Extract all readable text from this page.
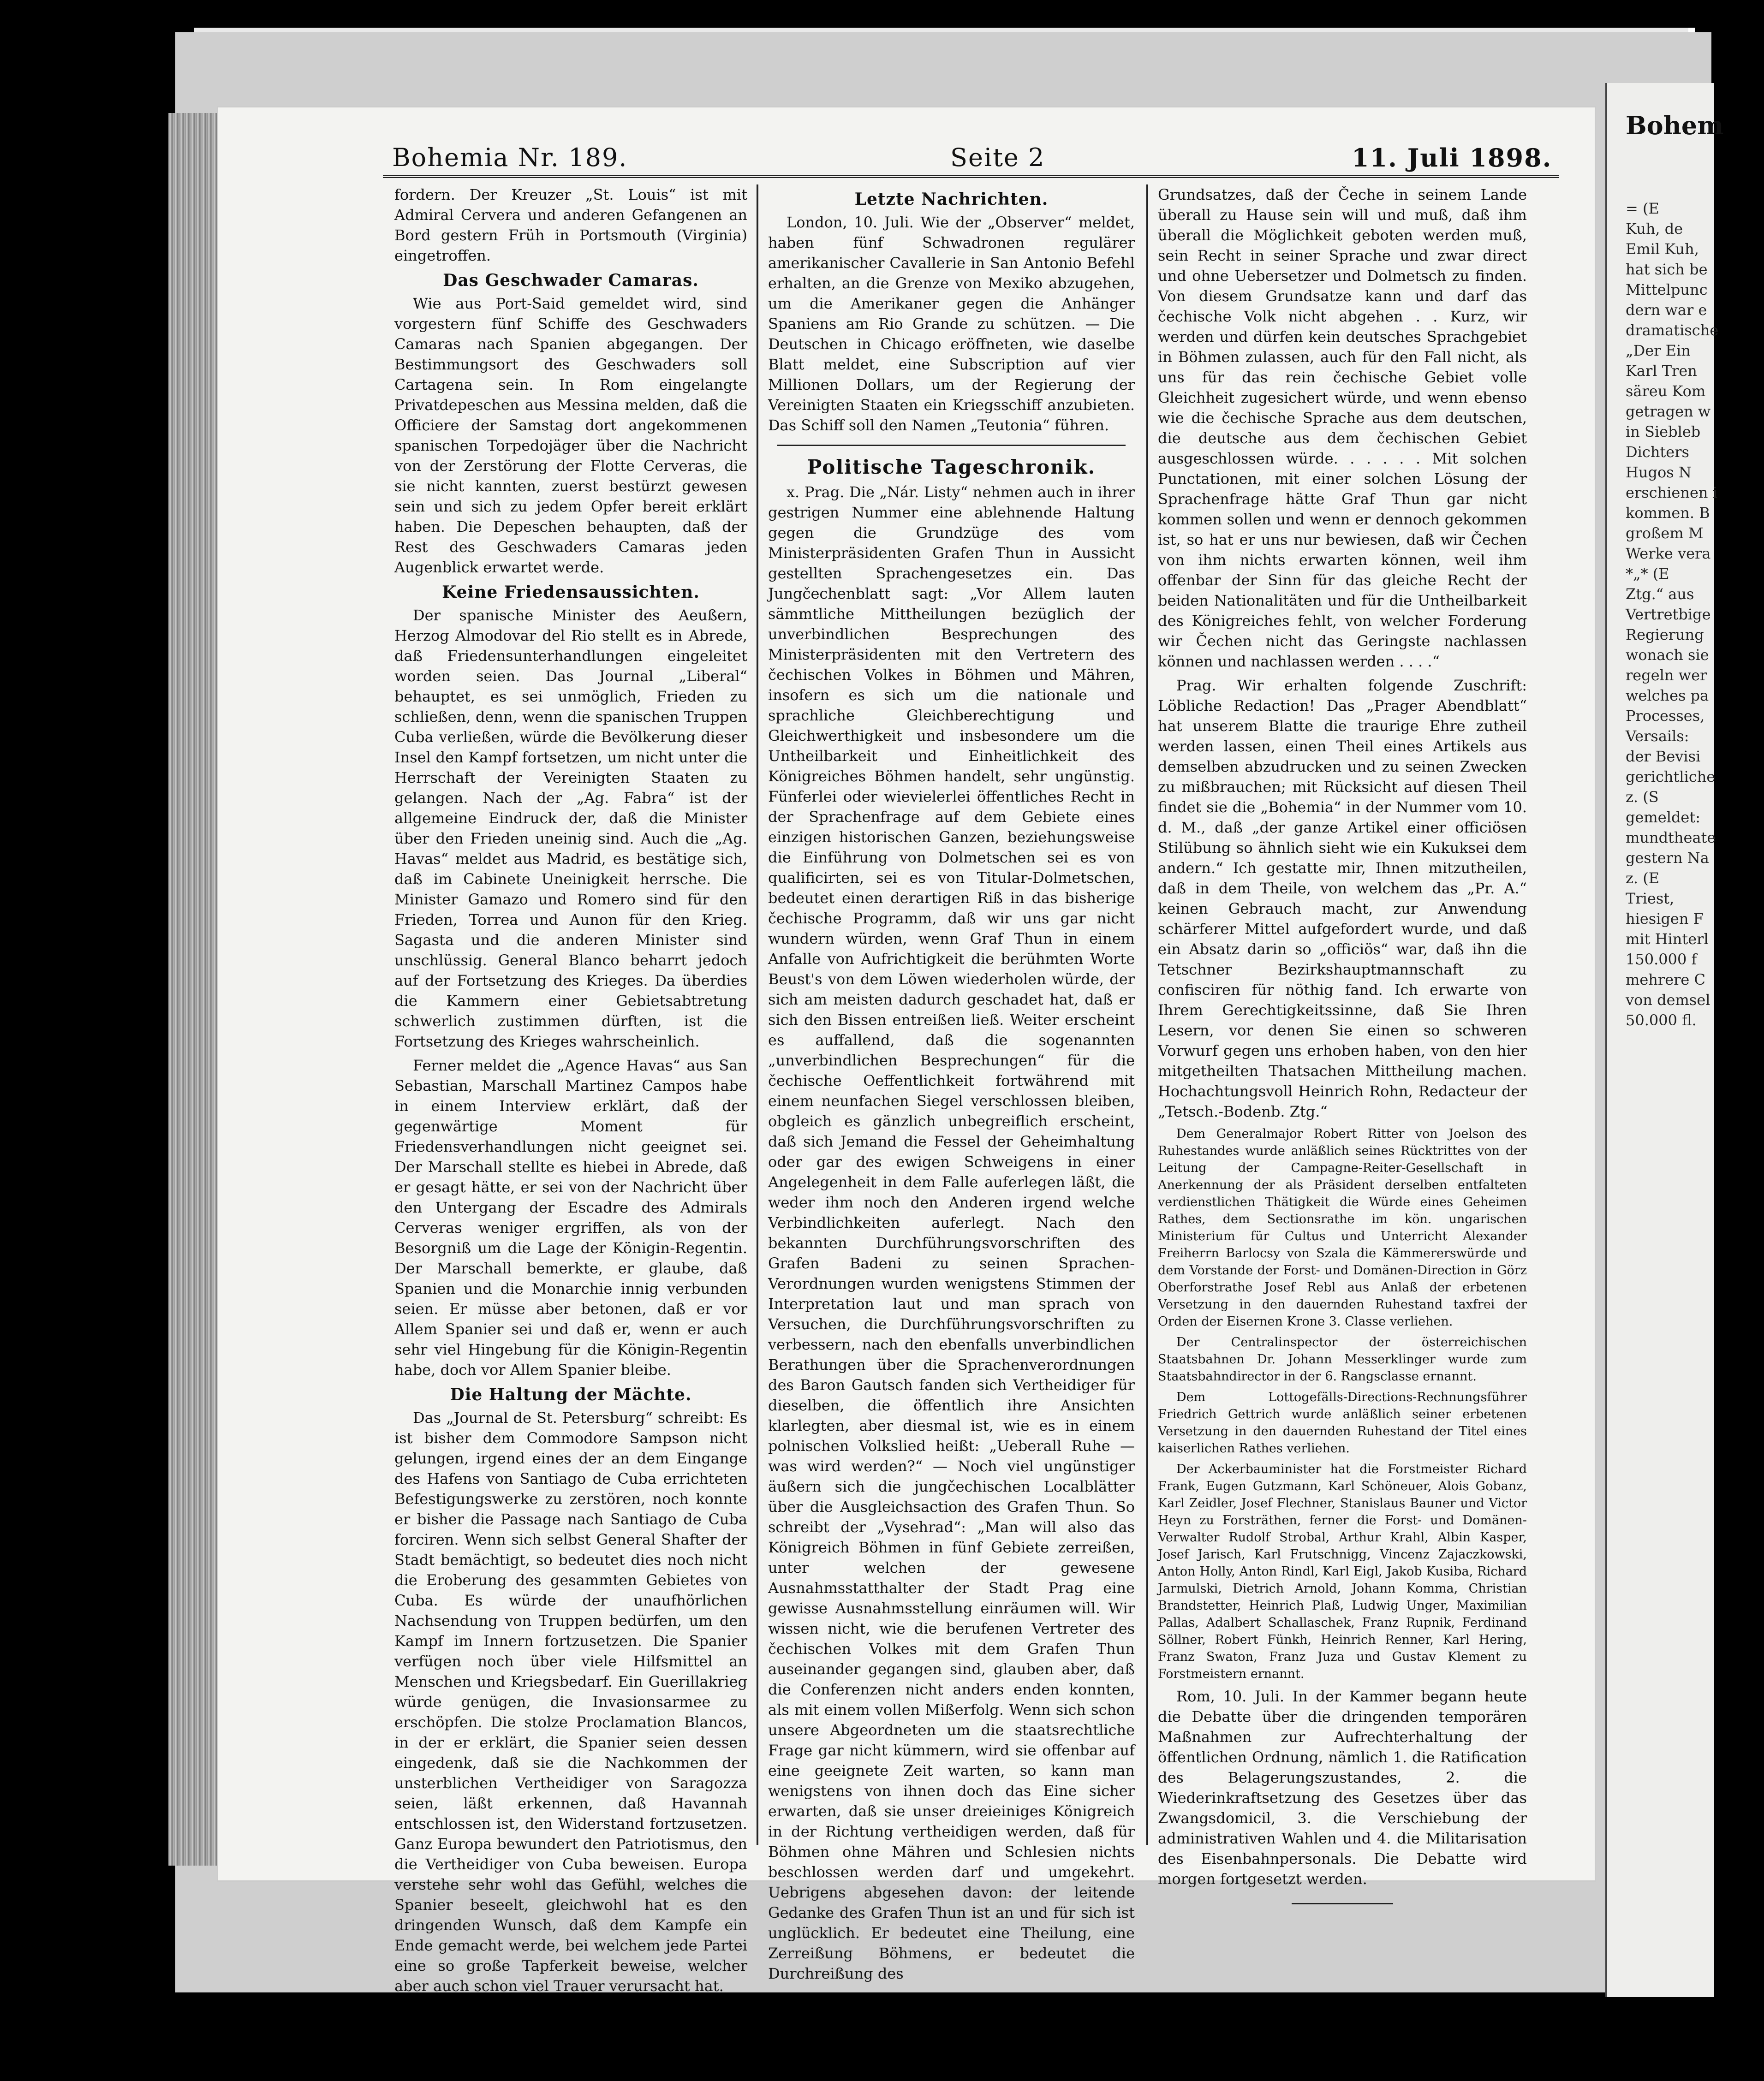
Bohem
= (E
Kuh, de
Emil Kuh,
hat sich be
Mittelpunc
dern war e
dramatische
„Der Ein
Karl Tren
säreu Kom
getragen w
in Siebleb
Dichters
Hugos N
erschienen i
kommen. B
großem M
Werke vera
*„* (E
Ztg.“ aus
Vertretbige
Regierung
wonach sie
regeln wer
welches pa
Processes,
Versails:
der Bevisi
gerichtliche
z. (S
gemeldet:
mundtheate
gestern Na
z. (E
Triest,
hiesigen F
mit Hinterl
150.000 f
mehrere C
von demsel
50.000 fl.
Bohemia Nr. 189.	Seite 2	11. Juli 1898.

fordern. Der Kreuzer „St. Louis“ ist mit Admiral Cervera und anderen Gefangenen an Bord gestern Früh in Portsmouth (Virginia) eingetroffen.

Das Geschwader Camaras.

Wie aus Port-Said gemeldet wird, sind vorgestern fünf Schiffe des Geschwaders Camaras nach Spanien abgegangen. Der Bestimmungsort des Geschwaders soll Cartagena sein. In Rom eingelangte Privatdepeschen aus Messina melden, daß die Officiere der Samstag dort angekommenen spanischen Torpedojäger über die Nachricht von der Zerstörung der Flotte Cerveras, die sie nicht kannten, zuerst bestürzt gewesen sein und sich zu jedem Opfer bereit erklärt haben. Die Depeschen behaupten, daß der Rest des Geschwaders Camaras jeden Augenblick erwartet werde.

Keine Friedensaussichten.

Der spanische Minister des Aeußern, Herzog Almodovar del Rio stellt es in Abrede, daß Friedensunterhandlungen eingeleitet worden seien. Das Journal „Liberal“ behauptet, es sei unmöglich, Frieden zu schließen, denn, wenn die spanischen Truppen Cuba verließen, würde die Bevölkerung dieser Insel den Kampf fortsetzen, um nicht unter die Herrschaft der Vereinigten Staaten zu gelangen. Nach der „Ag. Fabra“ ist der allgemeine Eindruck der, daß die Minister über den Frieden uneinig sind. Auch die „Ag. Havas“ meldet aus Madrid, es bestätige sich, daß im Cabinete Uneinigkeit herrsche. Die Minister Gamazo und Romero sind für den Frieden, Torrea und Aunon für den Krieg. Sagasta und die anderen Minister sind unschlüssig. General Blanco beharrt jedoch auf der Fortsetzung des Krieges. Da überdies die Kammern einer Gebietsabtretung schwerlich zustimmen dürften, ist die Fortsetzung des Krieges wahrscheinlich.

Ferner meldet die „Agence Havas“ aus San Sebastian, Marschall Martinez Campos habe in einem Interview erklärt, daß der gegenwärtige Moment für Friedensverhandlungen nicht geeignet sei. Der Marschall stellte es hiebei in Abrede, daß er gesagt hätte, er sei von der Nachricht über den Untergang der Escadre des Admirals Cerveras weniger ergriffen, als von der Besorgniß um die Lage der Königin-Regentin. Der Marschall bemerkte, er glaube, daß Spanien und die Monarchie innig verbunden seien. Er müsse aber betonen, daß er vor Allem Spanier sei und daß er, wenn er auch sehr viel Hingebung für die Königin-Regentin habe, doch vor Allem Spanier bleibe.

Die Haltung der Mächte.

Das „Journal de St. Petersburg“ schreibt: Es ist bisher dem Commodore Sampson nicht gelungen, irgend eines der an dem Eingange des Hafens von Santiago de Cuba errichteten Befestigungswerke zu zerstören, noch konnte er bisher die Passage nach Santiago de Cuba forciren. Wenn sich selbst General Shafter der Stadt bemächtigt, so bedeutet dies noch nicht die Eroberung des gesammten Gebietes von Cuba. Es würde der unaufhörlichen Nachsendung von Truppen bedürfen, um den Kampf im Innern fortzusetzen. Die Spanier verfügen noch über viele Hilfsmittel an Menschen und Kriegsbedarf. Ein Guerillakrieg würde genügen, die Invasionsarmee zu erschöpfen. Die stolze Proclamation Blancos, in der er erklärt, die Spanier seien dessen eingedenk, daß sie die Nachkommen der unsterblichen Vertheidiger von Saragozza seien, läßt erkennen, daß Havannah entschlossen ist, den Widerstand fortzusetzen. Ganz Europa bewundert den Patriotismus, den die Vertheidiger von Cuba beweisen. Europa verstehe sehr wohl das Gefühl, welches die Spanier beseelt, gleichwohl hat es den dringenden Wunsch, daß dem Kampfe ein Ende gemacht werde, bei welchem jede Partei eine so große Tapferkeit beweise, welcher aber auch schon viel Trauer verursacht hat.

Letzte Nachrichten.

London, 10. Juli. Wie der „Observer“ meldet, haben fünf Schwadronen regulärer amerikanischer Cavallerie in San Antonio Befehl erhalten, an die Grenze von Mexiko abzugehen, um die Amerikaner gegen die Anhänger Spaniens am Rio Grande zu schützen. — Die Deutschen in Chicago eröffneten, wie daselbe Blatt meldet, eine Subscription auf vier Millionen Dollars, um der Regierung der Vereinigten Staaten ein Kriegsschiff anzubieten. Das Schiff soll den Namen „Teutonia“ führen.

Politische Tageschronik.

x. Prag. Die „Nár. Listy“ nehmen auch in ihrer gestrigen Nummer eine ablehnende Haltung gegen die Grundzüge des vom Ministerpräsidenten Grafen Thun in Aussicht gestellten Sprachengesetzes ein. Das Jungčechenblatt sagt: „Vor Allem lauten sämmtliche Mittheilungen bezüglich der unverbindlichen Besprechungen des Ministerpräsidenten mit den Vertretern des čechischen Volkes in Böhmen und Mähren, insofern es sich um die nationale und sprachliche Gleichberechtigung und Gleichwerthigkeit und insbesondere um die Untheilbarkeit und Einheitlichkeit des Königreiches Böhmen handelt, sehr ungünstig. Fünferlei oder wievielerlei öffentliches Recht in der Sprachenfrage auf dem Gebiete eines einzigen historischen Ganzen, beziehungsweise die Einführung von Dolmetschen sei es von qualificirten, sei es von Titular-Dolmetschen, bedeutet einen derartigen Riß in das bisherige čechische Programm, daß wir uns gar nicht wundern würden, wenn Graf Thun in einem Anfalle von Aufrichtigkeit die berühmten Worte Beust's von dem Löwen wiederholen würde, der sich am meisten dadurch geschadet hat, daß er sich den Bissen entreißen ließ. Weiter erscheint es auffallend, daß die sogenannten „unverbindlichen Besprechungen“ für die čechische Oeffentlichkeit fortwährend mit einem neunfachen Siegel verschlossen bleiben, obgleich es gänzlich unbegreiflich erscheint, daß sich Jemand die Fessel der Geheimhaltung oder gar des ewigen Schweigens in einer Angelegenheit in dem Falle auferlegen läßt, die weder ihm noch den Anderen irgend welche Verbindlichkeiten auferlegt. Nach den bekannten Durchführungsvorschriften des Grafen Badeni zu seinen Sprachen-Verordnungen wurden wenigstens Stimmen der Interpretation laut und man sprach von Versuchen, die Durchführungsvorschriften zu verbessern, nach den ebenfalls unverbindlichen Berathungen über die Sprachenverordnungen des Baron Gautsch fanden sich Vertheidiger für dieselben, die öffentlich ihre Ansichten klarlegten, aber diesmal ist, wie es in einem polnischen Volkslied heißt: „Ueberall Ruhe — was wird werden?“ — Noch viel ungünstiger äußern sich die jungčechischen Localblätter über die Ausgleichsaction des Grafen Thun. So schreibt der „Vysehrad“: „Man will also das Königreich Böhmen in fünf Gebiete zerreißen, unter welchen der gewesene Ausnahmsstatthalter der Stadt Prag eine gewisse Ausnahmsstellung einräumen will. Wir wissen nicht, wie die berufenen Vertreter des čechischen Volkes mit dem Grafen Thun auseinander gegangen sind, glauben aber, daß die Conferenzen nicht anders enden konnten, als mit einem vollen Mißerfolg. Wenn sich schon unsere Abgeordneten um die staatsrechtliche Frage gar nicht kümmern, wird sie offenbar auf eine geeignete Zeit warten, so kann man wenigstens von ihnen doch das Eine sicher erwarten, daß sie unser dreieiniges Königreich in der Richtung vertheidigen werden, daß für Böhmen ohne Mähren und Schlesien nichts beschlossen werden darf und umgekehrt. Uebrigens abgesehen davon: der leitende Gedanke des Grafen Thun ist an und für sich ist unglücklich. Er bedeutet eine Theilung, eine Zerreißung Böhmens, er bedeutet die Durchreißung des

Grundsatzes, daß der Čeche in seinem Lande überall zu Hause sein will und muß, daß ihm überall die Möglichkeit geboten werden muß, sein Recht in seiner Sprache und zwar direct und ohne Uebersetzer und Dolmetsch zu finden. Von diesem Grundsatze kann und darf das čechische Volk nicht abgehen . . Kurz, wir werden und dürfen kein deutsches Sprachgebiet in Böhmen zulassen, auch für den Fall nicht, als uns für das rein čechische Gebiet volle Gleichheit zugesichert würde, und wenn ebenso wie die čechische Sprache aus dem deutschen, die deutsche aus dem čechischen Gebiet ausgeschlossen würde. . . . . . Mit solchen Punctationen, mit einer solchen Lösung der Sprachenfrage hätte Graf Thun gar nicht kommen sollen und wenn er dennoch gekommen ist, so hat er uns nur bewiesen, daß wir Čechen von ihm nichts erwarten können, weil ihm offenbar der Sinn für das gleiche Recht der beiden Nationalitäten und für die Untheilbarkeit des Königreiches fehlt, von welcher Forderung wir Čechen nicht das Geringste nachlassen können und nachlassen werden . . . .“

Prag. Wir erhalten folgende Zuschrift: Löbliche Redaction! Das „Prager Abendblatt“ hat unserem Blatte die traurige Ehre zutheil werden lassen, einen Theil eines Artikels aus demselben abzudrucken und zu seinen Zwecken zu mißbrauchen; mit Rücksicht auf diesen Theil findet sie die „Bohemia“ in der Nummer vom 10. d. M., daß „der ganze Artikel einer officiösen Stilübung so ähnlich sieht wie ein Kukuksei dem andern.“ Ich gestatte mir, Ihnen mitzutheilen, daß in dem Theile, von welchem das „Pr. A.“ keinen Gebrauch macht, zur Anwendung schärferer Mittel aufgefordert wurde, und daß ein Absatz darin so „officiös“ war, daß ihn die Tetschner Bezirkshauptmannschaft zu confisciren für nöthig fand. Ich erwarte von Ihrem Gerechtigkeitssinne, daß Sie Ihren Lesern, vor denen Sie einen so schweren Vorwurf gegen uns erhoben haben, von den hier mitgetheilten Thatsachen Mittheilung machen. Hochachtungsvoll Heinrich Rohn, Redacteur der „Tetsch.-Bodenb. Ztg.“

Dem Generalmajor Robert Ritter von Joelson des Ruhestandes wurde anläßlich seines Rücktrittes von der Leitung der Campagne-Reiter-Gesellschaft in Anerkennung der als Präsident derselben entfalteten verdienstlichen Thätigkeit die Würde eines Geheimen Rathes, dem Sectionsrathe im kön. ungarischen Ministerium für Cultus und Unterricht Alexander Freiherrn Barlocsy von Szala die Kämmererswürde und dem Vorstande der Forst- und Domänen-Direction in Görz Oberforstrathe Josef Rebl aus Anlaß der erbetenen Versetzung in den dauernden Ruhestand taxfrei der Orden der Eisernen Krone 3. Classe verliehen.

Der Centralinspector der österreichischen Staatsbahnen Dr. Johann Messerklinger wurde zum Staatsbahndirector in der 6. Rangsclasse ernannt.

Dem Lottogefälls-Directions-Rechnungsführer Friedrich Gettrich wurde anläßlich seiner erbetenen Versetzung in den dauernden Ruhestand der Titel eines kaiserlichen Rathes verliehen.

Der Ackerbauminister hat die Forstmeister Richard Frank, Eugen Gutzmann, Karl Schöneuer, Alois Gobanz, Karl Zeidler, Josef Flechner, Stanislaus Bauner und Victor Heyn zu Forsträthen, ferner die Forst- und Domänen-Verwalter Rudolf Strobal, Arthur Krahl, Albin Kasper, Josef Jarisch, Karl Frutschnigg, Vincenz Zajaczkowski, Anton Holly, Anton Rindl, Karl Eigl, Jakob Kusiba, Richard Jarmulski, Dietrich Arnold, Johann Komma, Christian Brandstetter, Heinrich Plaß, Ludwig Unger, Maximilian Pallas, Adalbert Schallaschek, Franz Rupnik, Ferdinand Söllner, Robert Fünkh, Heinrich Renner, Karl Hering, Franz Swaton, Franz Juza und Gustav Klement zu Forstmeistern ernannt.

Rom, 10. Juli. In der Kammer begann heute die Debatte über die dringenden temporären Maßnahmen zur Aufrechterhaltung der öffentlichen Ordnung, nämlich 1. die Ratification des Belagerungszustandes, 2. die Wiederinkraftsetzung des Gesetzes über das Zwangsdomicil, 3. die Verschiebung der administrativen Wahlen und 4. die Militarisation des Eisenbahnpersonals. Die Debatte wird morgen fortgesetzt werden.
